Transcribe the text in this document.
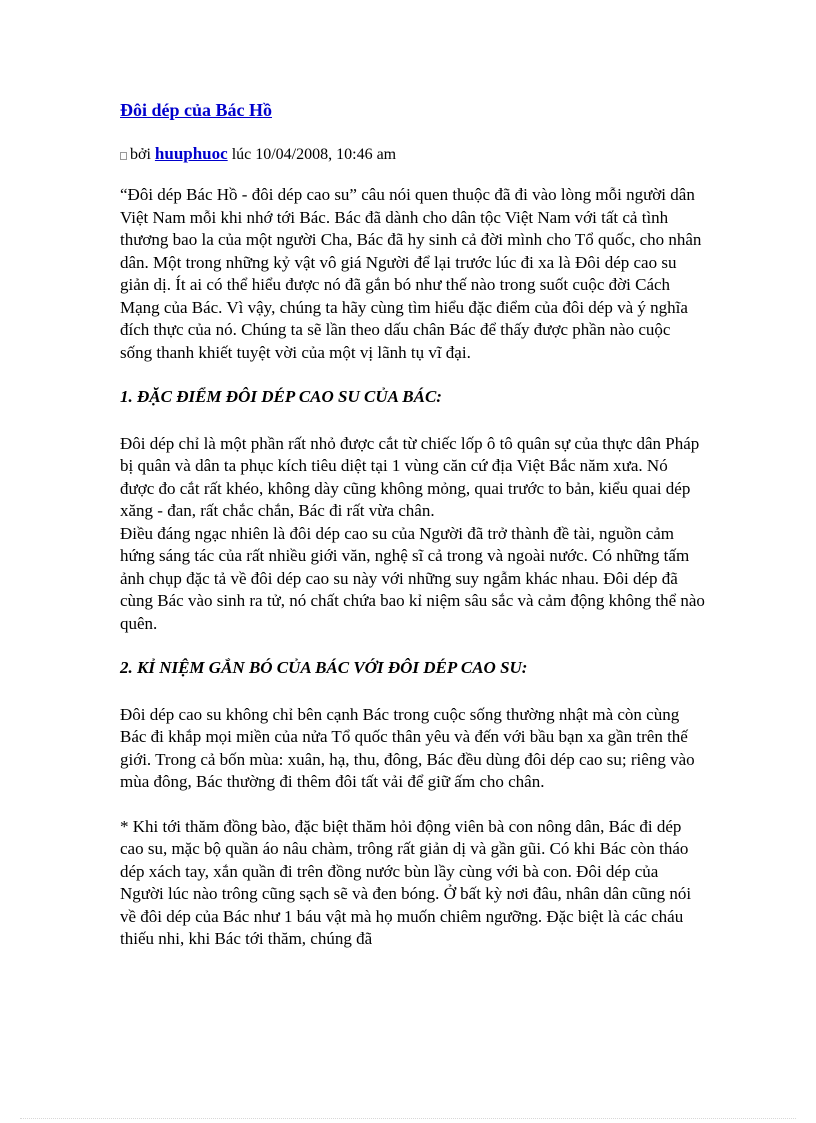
Đôi dép của Bác Hồ
bởi huuphuoc lúc 10/04/2008, 10:46 am

“Đôi dép Bác Hồ - đôi dép cao su” câu nói quen thuộc đã đi vào lòng mỗi người dân Việt Nam mỗi khi nhớ tới Bác. Bác đã dành cho dân tộc Việt Nam với tất cả tình thương bao la của một người Cha, Bác đã hy sinh cả đời mình cho Tổ quốc, cho nhân dân. Một trong những kỷ vật vô giá Người để lại trước lúc đi xa là Đôi dép cao su giản dị. Ít ai có thể hiểu được nó đã gắn bó như thế nào trong suốt cuộc đời Cách Mạng của Bác. Vì vậy, chúng ta hãy cùng tìm hiểu đặc điểm của đôi dép và ý nghĩa đích thực của nó. Chúng ta sẽ lần theo dấu chân Bác để thấy được phần nào cuộc sống thanh khiết tuyệt vời của một vị lãnh tụ vĩ đại.

1. ĐẶC ĐIỂM ĐÔI DÉP CAO SU CỦA BÁC:

Đôi dép chỉ là một phần rất nhỏ được cắt từ chiếc lốp ô tô quân sự của thực dân Pháp bị quân và dân ta phục kích tiêu diệt tại 1 vùng căn cứ địa Việt Bắc năm xưa. Nó được đo cắt rất khéo, không dày cũng không mỏng, quai trước to bản, kiểu quai dép xăng - đan, rất chắc chắn, Bác đi rất vừa chân.

Điều đáng ngạc nhiên là đôi dép cao su của Người đã trở thành đề tài, nguồn cảm hứng sáng tác của rất nhiều giới văn, nghệ sĩ cả trong và ngoài nước. Có những tấm ảnh chụp đặc tả về đôi dép cao su này với những suy ngẫm khác nhau. Đôi dép đã cùng Bác vào sinh ra tử, nó chất chứa bao kỉ niệm sâu sắc và cảm động không thể nào quên.

2. KỈ NIỆM GẮN BÓ CỦA BÁC VỚI ĐÔI DÉP CAO SU:

Đôi dép cao su không chỉ bên cạnh Bác trong cuộc sống thường nhật mà còn cùng Bác đi khắp mọi miền của nửa Tổ quốc thân yêu và đến với bầu bạn xa gần trên thế giới. Trong cả bốn mùa: xuân, hạ, thu, đông, Bác đều dùng đôi dép cao su; riêng vào mùa đông, Bác thường đi thêm đôi tất vải để giữ ấm cho chân.

* Khi tới thăm đồng bào, đặc biệt thăm hỏi động viên bà con nông dân, Bác đi dép cao su, mặc bộ quần áo nâu chàm, trông rất giản dị và gần gũi. Có khi Bác còn tháo dép xách tay, xắn quần đi trên đồng nước bùn lầy cùng với bà con. Đôi dép của Người lúc nào trông cũng sạch sẽ và đen bóng. Ở bất kỳ nơi đâu, nhân dân cũng nói về đôi dép của Bác như 1 báu vật mà họ muốn chiêm ngưỡng. Đặc biệt là các cháu thiếu nhi, khi Bác tới thăm, chúng đã
